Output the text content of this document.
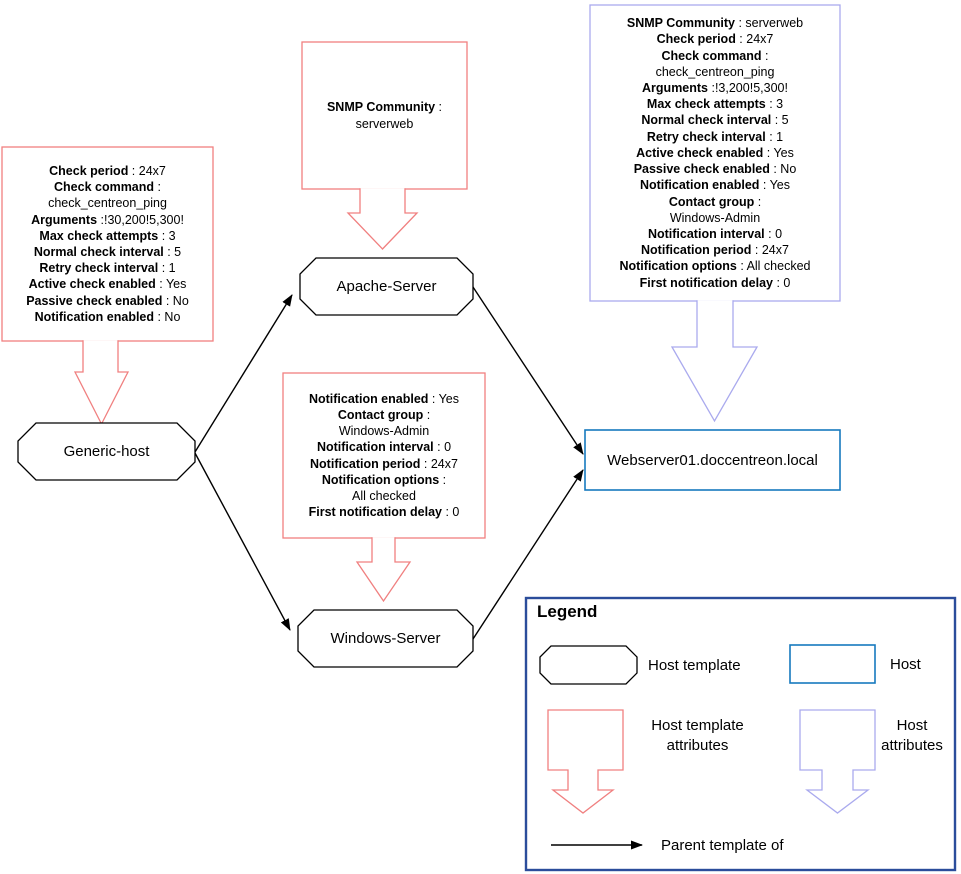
Check period : 24x7
Check command :
check_centreon_ping
Arguments :!30,200!5,300!
Max check attempts : 3
Normal check interval : 5
Retry check interval : 1
Active check enabled : Yes
Passive check enabled : No
Notification enabled : No
SNMP Community :
serverweb
Notification enabled : Yes
Contact group :
Windows-Admin
Notification interval : 0
Notification period : 24x7
Notification options :
All checked
First notification delay : 0
SNMP Community : serverweb
Check period : 24x7
Check command :
check_centreon_ping
Arguments :!3,200!5,300!
Max check attempts : 3
Normal check interval : 5
Retry check interval : 1
Active check enabled : Yes
Passive check enabled : No
Notification enabled : Yes
Contact group :
Windows-Admin
Notification interval : 0
Notification period : 24x7
Notification options : All checked
First notification delay : 0
Apache-Server
Generic-host
Windows-Server
Webserver01.doccentreon.local
Legend
Host template	Host
Host template attributes
Host attributes
Parent template of
